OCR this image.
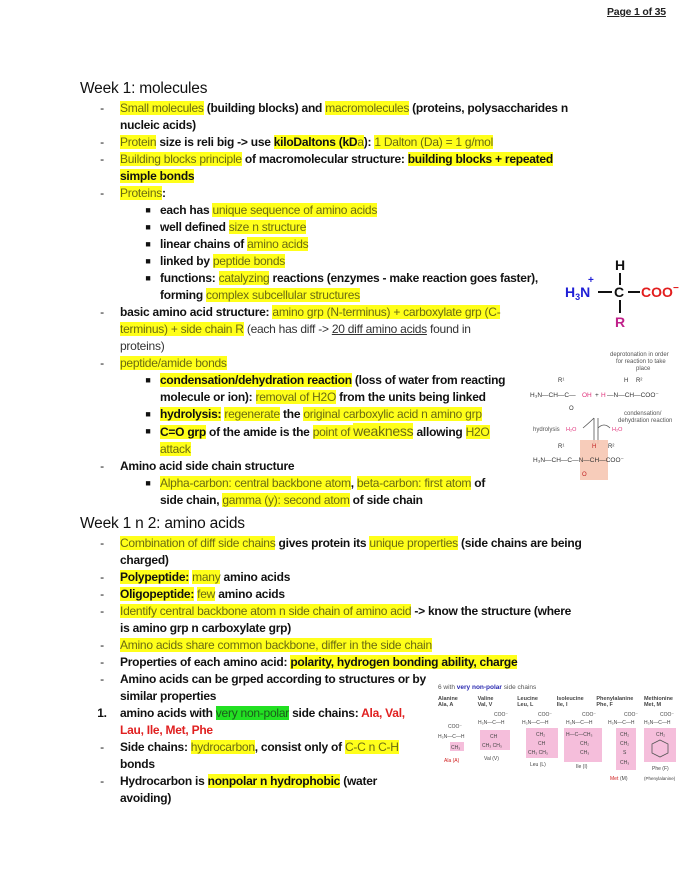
Page 1 of 35
Week 1: molecules
-	Small molecules (building blocks) and macromolecules (proteins, polysaccharides n
nucleic acids)
-	Protein size is reli big -> use kiloDaltons (kDa): 1 Dalton (Da) = 1 g/mol
-	Building blocks principle of macromolecular structure: building blocks + repeated
simple bonds
-	Proteins:
■ each has unique sequence of amino acids
■ well defined size n structure
■ linear chains of amino acids
■ linked by peptide bonds
■ functions: catalyzing reactions (enzymes - make reaction goes faster),
forming complex subcellular structures
-	basic amino acid structure: amino grp (N-terminus) + carboxylate grp (C-
terminus) + side chain R (each has diff -> 20 diff amino acids found in
proteins)
-	peptide/amide bonds
■ condensation/dehydration reaction (loss of water from reacting
molecule or ion): removal of H2O from the units being linked
■ hydrolysis: regenerate the original carboxylic acid n amino grp
■ C=O grp of the amide is the point of weakness allowing H2O
attack
-	Amino acid side chain structure
■ Alpha-carbon: central backbone atom, beta-carbon: first atom of
side chain, gamma (y): second atom of side chain
H
$H_3N$
+
C COO −
R
deprotonation in order
for reaction to take
place
R¹	H R²
H₃N—CH—C— OH + H —N—CH—COO⁻
O
condensation/
dehydration reaction
hydrolysis H₂O	H₂O
R¹	H R²
H₃N—CH—C—N—CH—COO⁻
O
Week 1 n 2: amino acids
-	Combination of diff side chains gives protein its unique properties (side chains are being
charged)
-	Polypeptide: many amino acids
-	Oligopeptide: few amino acids
-	Identify central backbone atom n side chain of amino acid -> know the structure (where
is amino grp n carboxylate grp)
-	Amino acids share common backbone, differ in the side chain
-	Properties of each amino acid: polarity, hydrogen bonding ability, charge
-	Amino acids can be grped according to structures or by
similar properties
1.	amino acids with very non-polar side chains: Ala, Val,
Lau, Ile, Met, Phe
-	Side chains: hydrocarbon, consist only of C-C n C-H
bonds
-	Hydrocarbon is nonpolar n hydrophobic (water
avoiding)
6 with very non-polar side chains
Alanine
Ala, A
Valine
Val, V
Leucine
Leu, L
Isoleucine
Ile, I
Phenylalanine
Phe, F
Methionine
Met, M
COO⁻
H₃N—C—H
CH₃
Ala (A)
COO⁻
H₃N—C—H
CH
CH₃ CH₃
Val (V)
COO⁻
H₃N—C—H
CH₂
CH
CH₃ CH₃
Leu (L)
COO⁻
H₃N—C—H
H—C—CH₃
CH₂
CH₃
Ile (I)
COO⁻
H₃N—C—H
CH₂
CH₂
S
CH₃
Met (M)
COO⁻
H₃N—C—H
CH₂
Phe (F)
(Phenylalanine)
